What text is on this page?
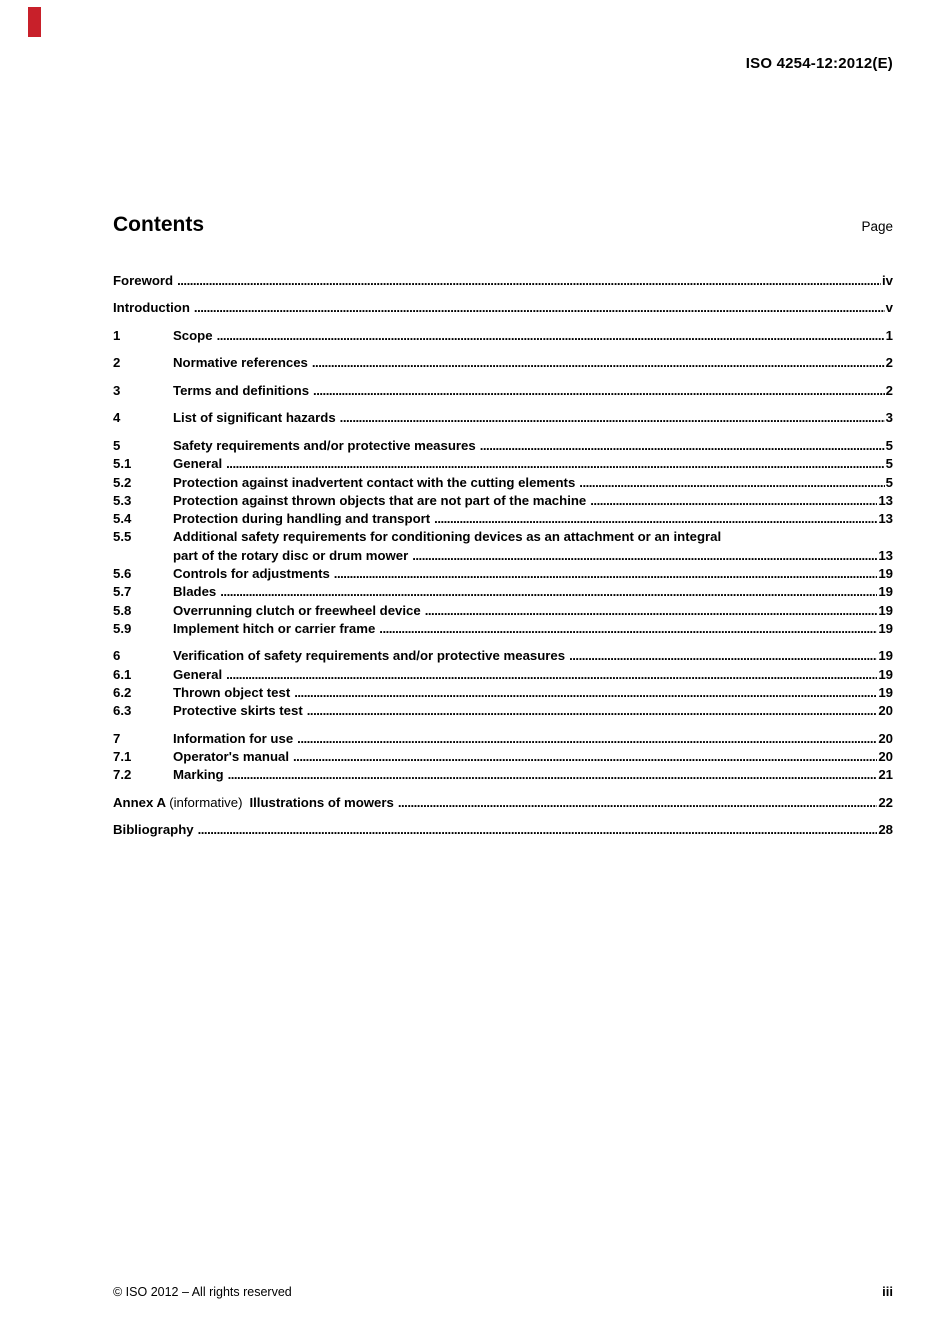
ISO 4254-12:2012(E)
Contents	Page
Foreword .....	iv
Introduction .....	v
1	Scope .....	1
2	Normative references .....	2
3	Terms and definitions .....	2
4	List of significant hazards .....	3
5	Safety requirements and/or protective measures .....	5
5.1	General .....	5
5.2	Protection against inadvertent contact with the cutting elements .....	5
5.3	Protection against thrown objects that are not part of the machine .....	13
5.4	Protection during handling and transport .....	13
5.5	Additional safety requirements for conditioning devices as an attachment or an integral
part of the rotary disc or drum mower .....	13
5.6	Controls for adjustments .....	19
5.7	Blades .....	19
5.8	Overrunning clutch or freewheel device .....	19
5.9	Implement hitch or carrier frame .....	19
6	Verification of safety requirements and/or protective measures .....	19
6.1	General .....	19
6.2	Thrown object test .....	19
6.3	Protective skirts test .....	20
7	Information for use .....	20
7.1	Operator's manual .....	20
7.2	Marking .....	21
Annex A (informative) Illustrations of mowers .....	22
Bibliography .....	28
© ISO 2012 – All rights reserved	iii
